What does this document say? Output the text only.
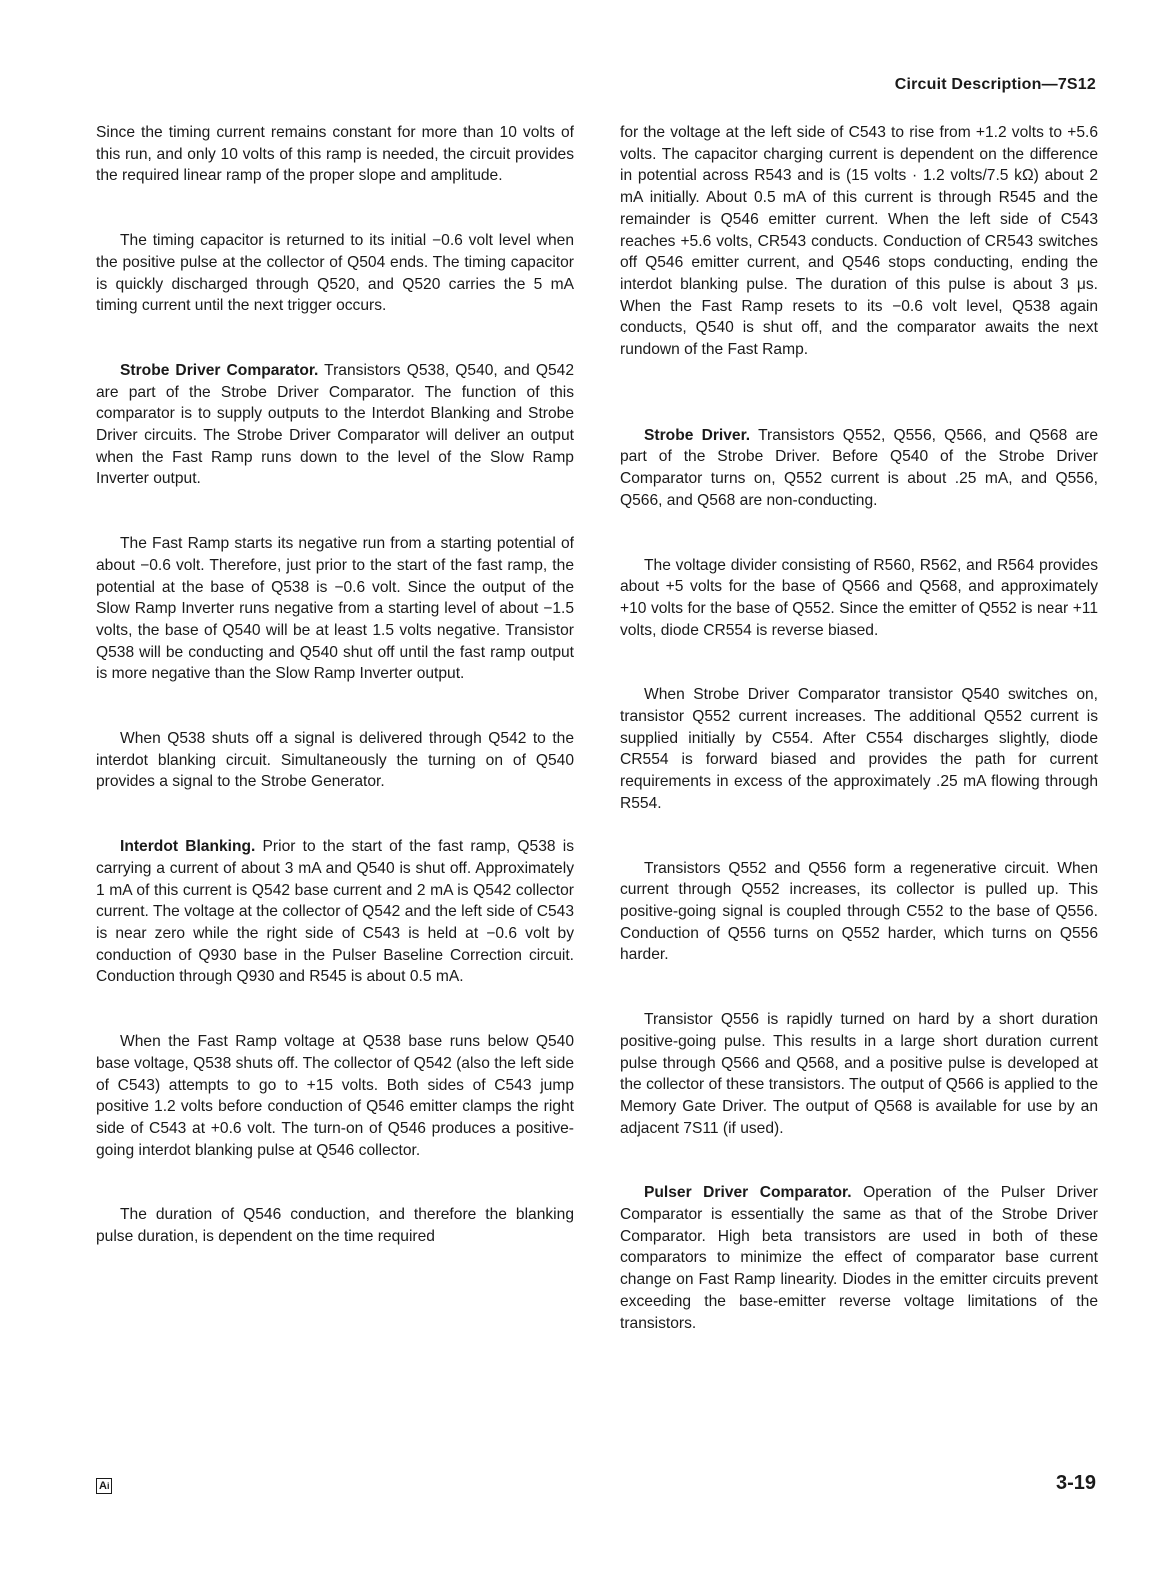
Circuit Description—7S12

Since the timing current remains constant for more than 10 volts of this run, and only 10 volts of this ramp is needed, the circuit provides the required linear ramp of the proper slope and amplitude.

The timing capacitor is returned to its initial −0.6 volt level when the positive pulse at the collector of Q504 ends. The timing capacitor is quickly discharged through Q520, and Q520 carries the 5 mA timing current until the next trigger occurs.

Strobe Driver Comparator. Transistors Q538, Q540, and Q542 are part of the Strobe Driver Comparator. The function of this comparator is to supply outputs to the Interdot Blanking and Strobe Driver circuits. The Strobe Driver Comparator will deliver an output when the Fast Ramp runs down to the level of the Slow Ramp Inverter output.

The Fast Ramp starts its negative run from a starting potential of about −0.6 volt. Therefore, just prior to the start of the fast ramp, the potential at the base of Q538 is −0.6 volt. Since the output of the Slow Ramp Inverter runs negative from a starting level of about −1.5 volts, the base of Q540 will be at least 1.5 volts negative. Transistor Q538 will be conducting and Q540 shut off until the fast ramp output is more negative than the Slow Ramp Inverter output.

When Q538 shuts off a signal is delivered through Q542 to the interdot blanking circuit. Simultaneously the turning on of Q540 provides a signal to the Strobe Generator.

Interdot Blanking. Prior to the start of the fast ramp, Q538 is carrying a current of about 3 mA and Q540 is shut off. Approximately 1 mA of this current is Q542 base current and 2 mA is Q542 collector current. The voltage at the collector of Q542 and the left side of C543 is near zero while the right side of C543 is held at −0.6 volt by conduction of Q930 base in the Pulser Baseline Correction circuit. Conduction through Q930 and R545 is about 0.5 mA.

When the Fast Ramp voltage at Q538 base runs below Q540 base voltage, Q538 shuts off. The collector of Q542 (also the left side of C543) attempts to go to +15 volts. Both sides of C543 jump positive 1.2 volts before conduction of Q546 emitter clamps the right side of C543 at +0.6 volt. The turn-on of Q546 produces a positive-going interdot blanking pulse at Q546 collector.

The duration of Q546 conduction, and therefore the blanking pulse duration, is dependent on the time required

for the voltage at the left side of C543 to rise from +1.2 volts to +5.6 volts. The capacitor charging current is dependent on the difference in potential across R543 and is (15 volts · 1.2 volts/7.5 kΩ) about 2 mA initially. About 0.5 mA of this current is through R545 and the remainder is Q546 emitter current. When the left side of C543 reaches +5.6 volts, CR543 conducts. Conduction of CR543 switches off Q546 emitter current, and Q546 stops conducting, ending the interdot blanking pulse. The duration of this pulse is about 3 μs. When the Fast Ramp resets to its −0.6 volt level, Q538 again conducts, Q540 is shut off, and the comparator awaits the next rundown of the Fast Ramp.

Strobe Driver. Transistors Q552, Q556, Q566, and Q568 are part of the Strobe Driver. Before Q540 of the Strobe Driver Comparator turns on, Q552 current is about .25 mA, and Q556, Q566, and Q568 are non-conducting.

The voltage divider consisting of R560, R562, and R564 provides about +5 volts for the base of Q566 and Q568, and approximately +10 volts for the base of Q552. Since the emitter of Q552 is near +11 volts, diode CR554 is reverse biased.

When Strobe Driver Comparator transistor Q540 switches on, transistor Q552 current increases. The additional Q552 current is supplied initially by C554. After C554 discharges slightly, diode CR554 is forward biased and provides the path for current requirements in excess of the approximately .25 mA flowing through R554.

Transistors Q552 and Q556 form a regenerative circuit. When current through Q552 increases, its collector is pulled up. This positive-going signal is coupled through C552 to the base of Q556. Conduction of Q556 turns on Q552 harder, which turns on Q556 harder.

Transistor Q556 is rapidly turned on hard by a short duration positive-going pulse. This results in a large short duration current pulse through Q566 and Q568, and a positive pulse is developed at the collector of these transistors. The output of Q566 is applied to the Memory Gate Driver. The output of Q568 is available for use by an adjacent 7S11 (if used).

Pulser Driver Comparator. Operation of the Pulser Driver Comparator is essentially the same as that of the Strobe Driver Comparator. High beta transistors are used in both of these comparators to minimize the effect of comparator base current change on Fast Ramp linearity. Diodes in the emitter circuits prevent exceeding the base-emitter reverse voltage limitations of the transistors.

Ai	3-19
